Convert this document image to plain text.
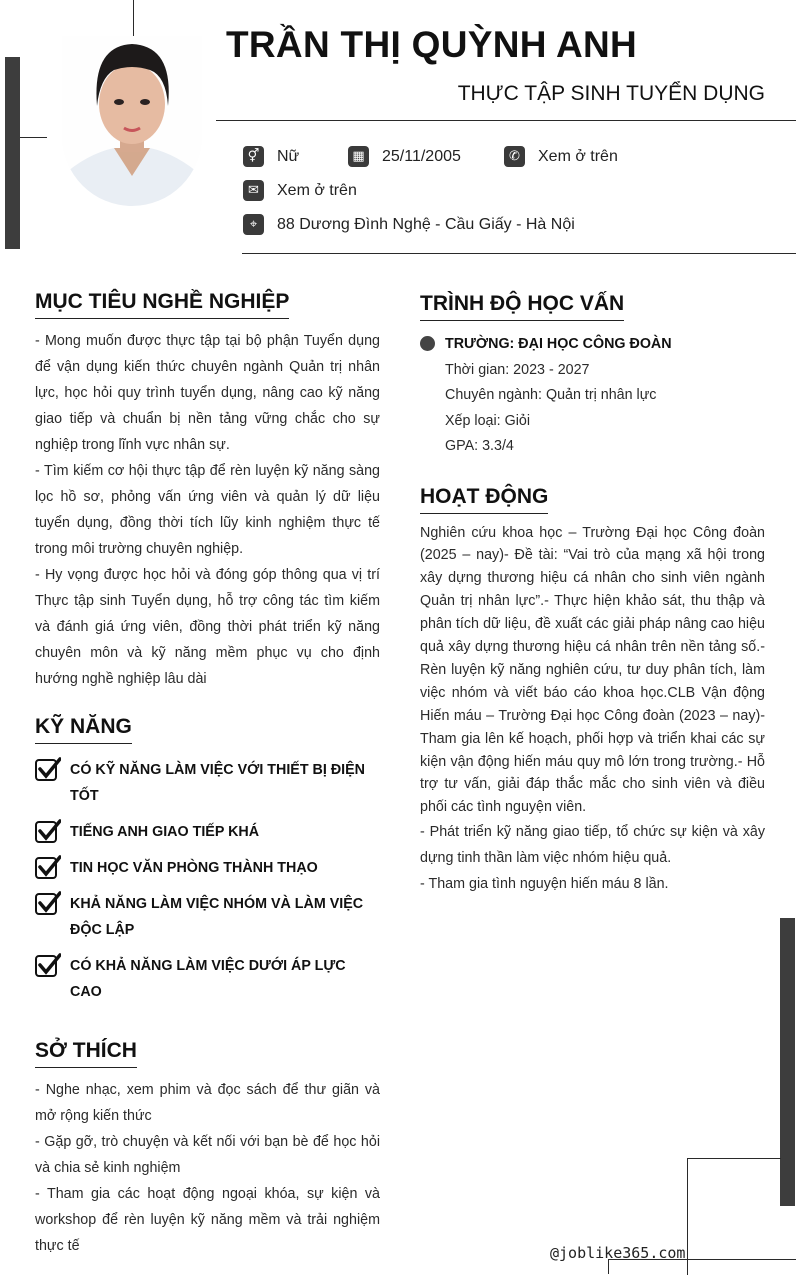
TRẦN THỊ QUỲNH ANH
THỰC TẬP SINH TUYỂN DỤNG
⚥ Nữ	▦ 25/11/2005	✆	Xem ở trên
✉	Xem ở trên
⌖	88 Dương Đình Nghệ - Cầu Giấy - Hà Nội
MỤC TIÊU NGHỀ NGHIỆP

- Mong muốn được thực tập tại bộ phận Tuyển dụng để vận dụng kiến thức chuyên ngành Quản trị nhân lực, học hỏi quy trình tuyển dụng, nâng cao kỹ năng giao tiếp và chuẩn bị nền tảng vững chắc cho sự nghiệp trong lĩnh vực nhân sự.

- Tìm kiếm cơ hội thực tập để rèn luyện kỹ năng sàng lọc hồ sơ, phỏng vấn ứng viên và quản lý dữ liệu tuyển dụng, đồng thời tích lũy kinh nghiệm thực tế trong môi trường chuyên nghiệp.

- Hy vọng được học hỏi và đóng góp thông qua vị trí Thực tập sinh Tuyển dụng, hỗ trợ công tác tìm kiếm và đánh giá ứng viên, đồng thời phát triển kỹ năng chuyên môn và kỹ năng mềm phục vụ cho định hướng nghề nghiệp lâu dài

KỸ NĂNG
CÓ KỸ NĂNG LÀM VIỆC VỚI THIẾT BỊ ĐIỆN TỐT
TIẾNG ANH GIAO TIẾP KHÁ
TIN HỌC VĂN PHÒNG THÀNH THẠO
KHẢ NĂNG LÀM VIỆC NHÓM VÀ LÀM VIỆC ĐỘC LẬP
CÓ KHẢ NĂNG LÀM VIỆC DƯỚI ÁP LỰC CAO
SỞ THÍCH

- Nghe nhạc, xem phim và đọc sách để thư giãn và mở rộng kiến thức

- Gặp gỡ, trò chuyện và kết nối với bạn bè để học hỏi và chia sẻ kinh nghiệm

- Tham gia các hoạt động ngoại khóa, sự kiện và workshop để rèn luyện kỹ năng mềm và trải nghiệm thực tế

TRÌNH ĐỘ HỌC VẤN
TRƯỜNG: ĐẠI HỌC CÔNG ĐOÀN
Thời gian: 2023 - 2027
Chuyên ngành: Quản trị nhân lực
Xếp loại: Giỏi
GPA: 3.3/4
HOẠT ĐỘNG

Nghiên cứu khoa học – Trường Đại học Công đoàn (2025 – nay)- Đề tài: “Vai trò của mạng xã hội trong xây dựng thương hiệu cá nhân cho sinh viên ngành Quản trị nhân lực”.- Thực hiện khảo sát, thu thập và phân tích dữ liệu, đề xuất các giải pháp nâng cao hiệu quả xây dựng thương hiệu cá nhân trên nền tảng số.- Rèn luyện kỹ năng nghiên cứu, tư duy phân tích, làm việc nhóm và viết báo cáo khoa học.CLB Vận động Hiến máu – Trường Đại học Công đoàn (2023 – nay)- Tham gia lên kế hoạch, phối hợp và triển khai các sự kiện vận động hiến máu quy mô lớn trong trường.- Hỗ trợ tư vấn, giải đáp thắc mắc cho sinh viên và điều phối các tình nguyện viên.

- Phát triển kỹ năng giao tiếp, tổ chức sự kiện và xây dựng tinh thần làm việc nhóm hiệu quả.

- Tham gia tình nguyện hiến máu 8 lần.

@joblike365.com
